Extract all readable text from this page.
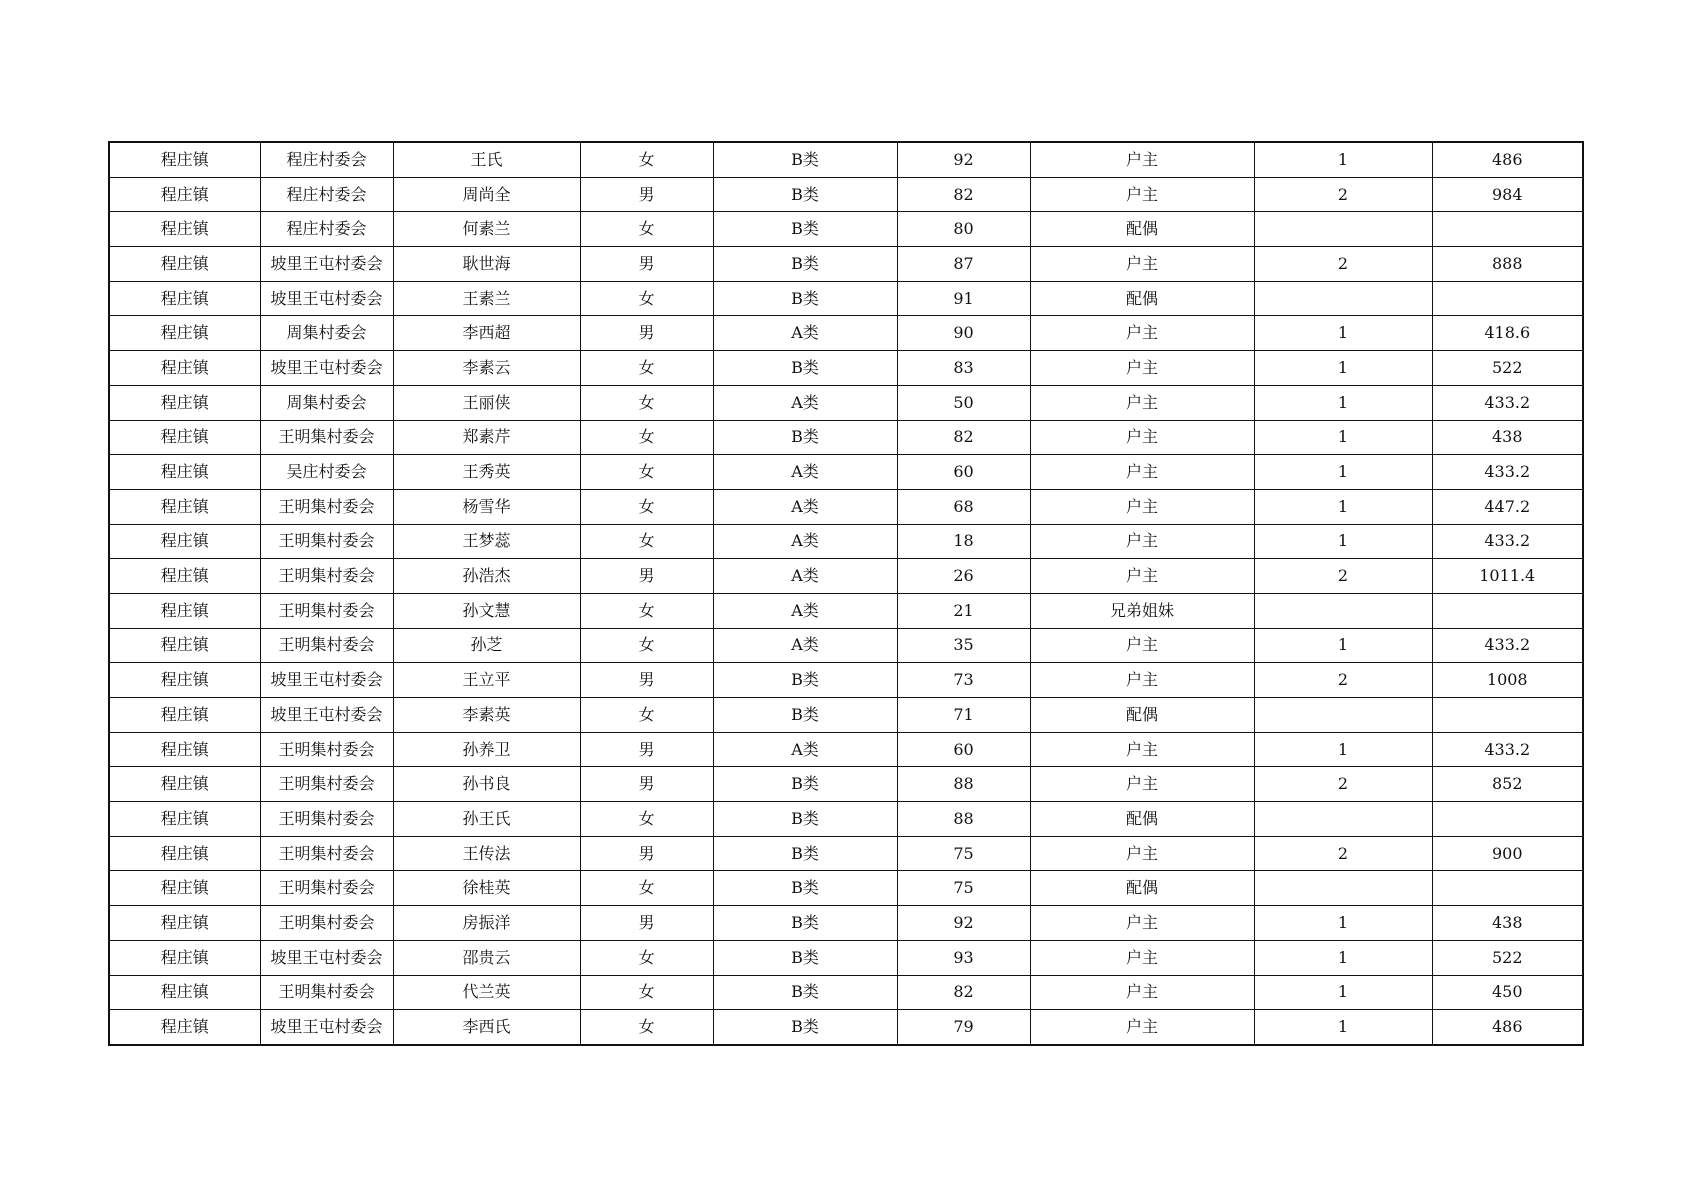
程庄镇	程庄村委会	王氏	女	B类	92	户主	1	486
程庄镇	程庄村委会	周尚全	男	B类	82	户主	2	984
程庄镇	程庄村委会	何素兰	女	B类	80	配偶		
程庄镇	坡里王屯村委会	耿世海	男	B类	87	户主	2	888
程庄镇	坡里王屯村委会	王素兰	女	B类	91	配偶		
程庄镇	周集村委会	李西超	男	A类	90	户主	1	418.6
程庄镇	坡里王屯村委会	李素云	女	B类	83	户主	1	522
程庄镇	周集村委会	王丽侠	女	A类	50	户主	1	433.2
程庄镇	王明集村委会	郑素芹	女	B类	82	户主	1	438
程庄镇	吴庄村委会	王秀英	女	A类	60	户主	1	433.2
程庄镇	王明集村委会	杨雪华	女	A类	68	户主	1	447.2
程庄镇	王明集村委会	王梦蕊	女	A类	18	户主	1	433.2
程庄镇	王明集村委会	孙浩杰	男	A类	26	户主	2	1011.4
程庄镇	王明集村委会	孙文慧	女	A类	21	兄弟姐妹		
程庄镇	王明集村委会	孙芝	女	A类	35	户主	1	433.2
程庄镇	坡里王屯村委会	王立平	男	B类	73	户主	2	1008
程庄镇	坡里王屯村委会	李素英	女	B类	71	配偶		
程庄镇	王明集村委会	孙养卫	男	A类	60	户主	1	433.2
程庄镇	王明集村委会	孙书良	男	B类	88	户主	2	852
程庄镇	王明集村委会	孙王氏	女	B类	88	配偶		
程庄镇	王明集村委会	王传法	男	B类	75	户主	2	900
程庄镇	王明集村委会	徐桂英	女	B类	75	配偶		
程庄镇	王明集村委会	房振洋	男	B类	92	户主	1	438
程庄镇	坡里王屯村委会	邵贵云	女	B类	93	户主	1	522
程庄镇	王明集村委会	代兰英	女	B类	82	户主	1	450
程庄镇	坡里王屯村委会	李西氏	女	B类	79	户主	1	486
